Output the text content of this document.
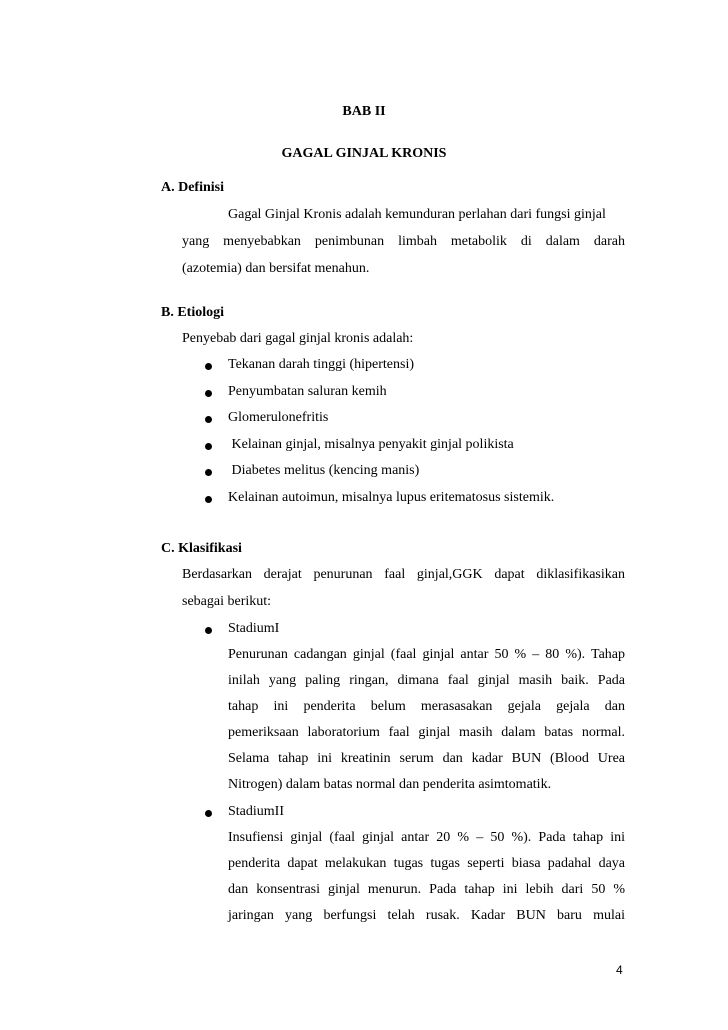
BAB II
GAGAL GINJAL KRONIS
A. Definisi
Gagal Ginjal Kronis adalah kemunduran perlahan dari fungsi ginjal
yang menyebabkan penimbunan limbah metabolik di dalam darah
(azotemia) dan bersifat menahun.
B. Etiologi
Penyebab dari gagal ginjal kronis adalah:
Tekanan darah tinggi (hipertensi)
Penyumbatan saluran kemih
Glomerulonefritis
Kelainan ginjal, misalnya penyakit ginjal polikista
Diabetes melitus (kencing manis)
Kelainan autoimun, misalnya lupus eritematosus sistemik.
C. Klasifikasi
Berdasarkan derajat penurunan faal ginjal,GGK dapat diklasifikasikan
sebagai berikut:
StadiumI
Penurunan cadangan ginjal (faal ginjal antar 50 % – 80 %). Tahap
inilah yang paling ringan, dimana faal ginjal masih baik. Pada
tahap ini penderita belum merasasakan gejala gejala dan
pemeriksaan laboratorium faal ginjal masih dalam batas normal.
Selama tahap ini kreatinin serum dan kadar BUN (Blood Urea
Nitrogen) dalam batas normal dan penderita asimtomatik.
StadiumII
Insufiensi ginjal (faal ginjal antar 20 % – 50 %). Pada tahap ini
penderita dapat melakukan tugas tugas seperti biasa padahal daya
dan konsentrasi ginjal menurun. Pada tahap ini lebih dari 50 %
jaringan yang berfungsi telah rusak. Kadar BUN baru mulai
4
